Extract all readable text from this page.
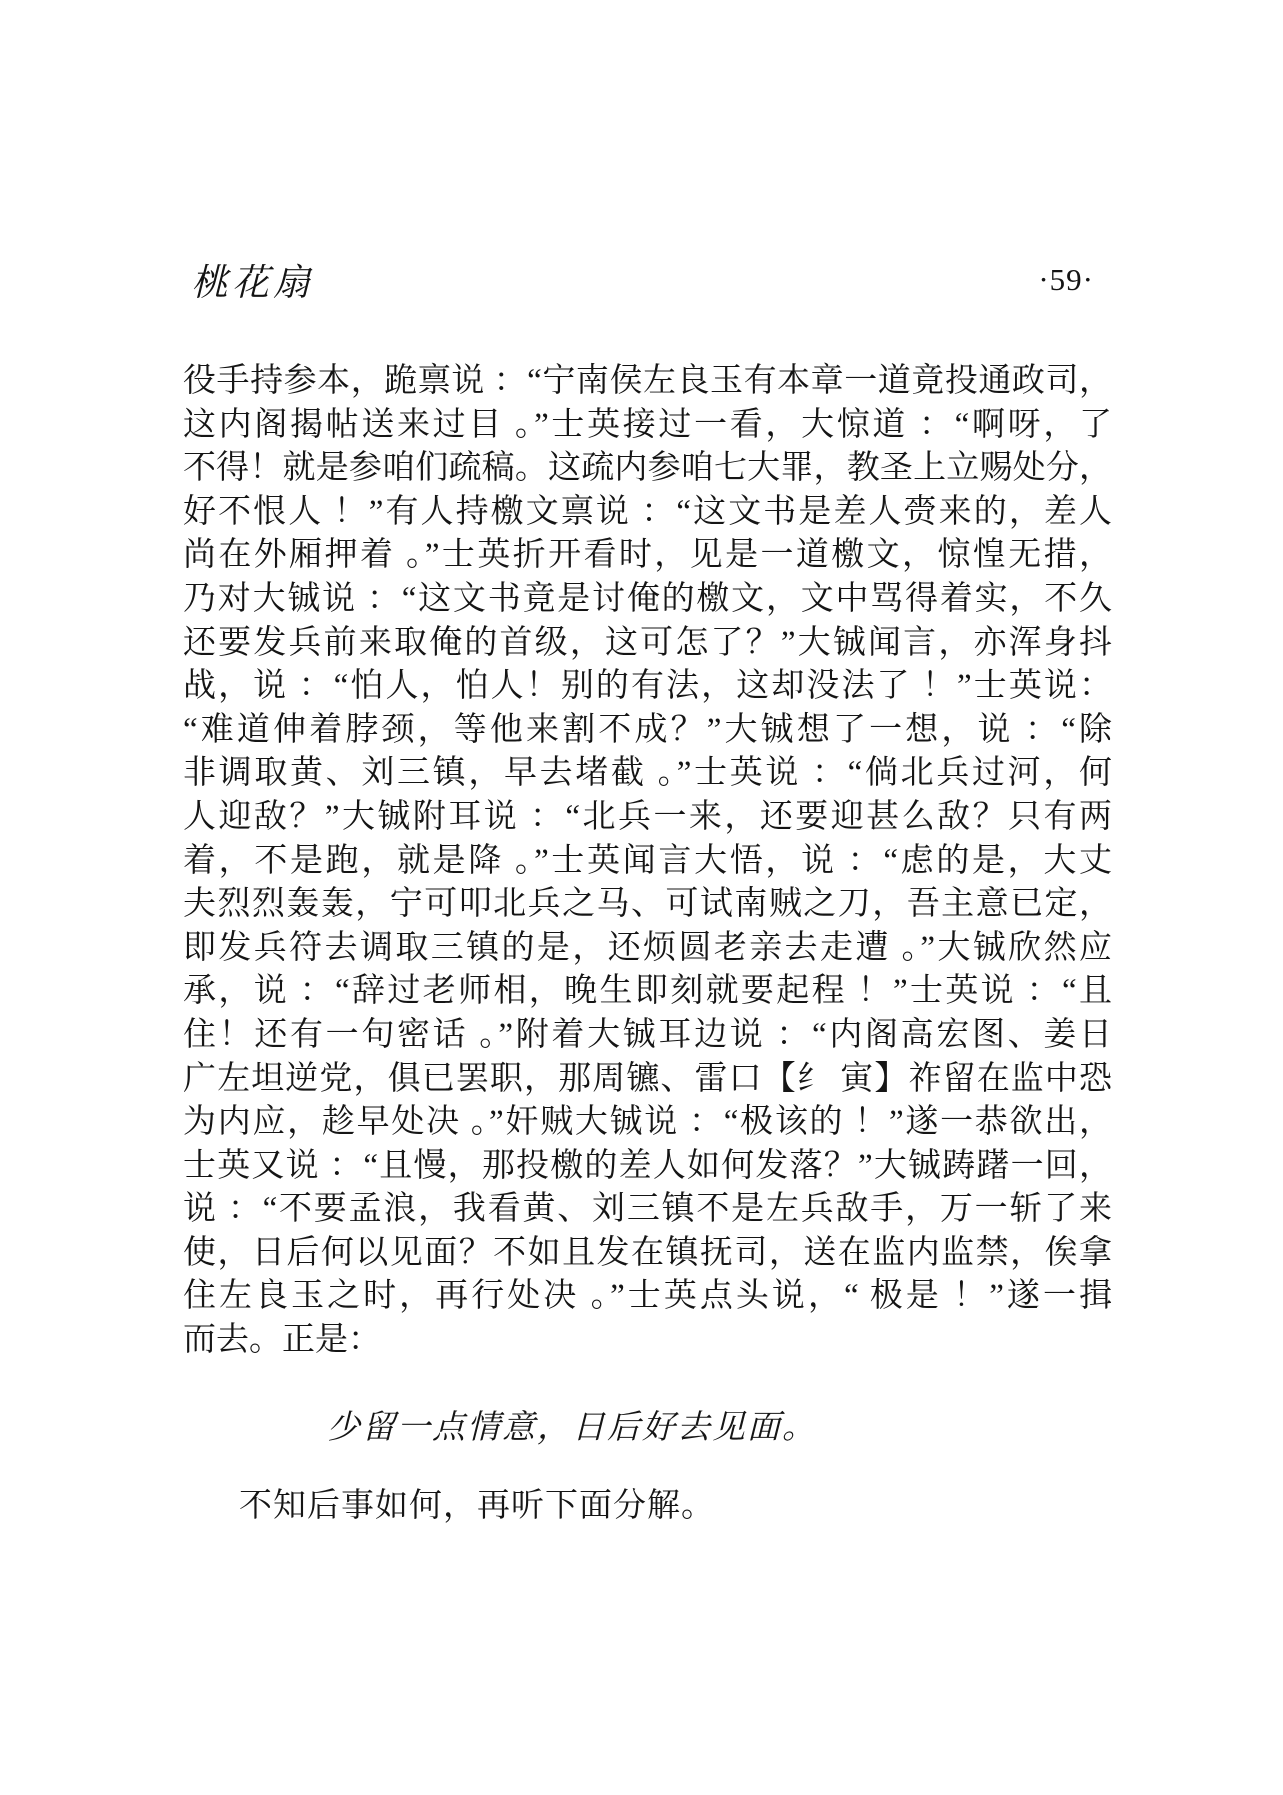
桃花扇	·59·
役手持参本，跪禀说 ：“宁南侯左良玉有本章一道竟投通政司，
这内阁揭帖送来过目 。”士英接过一看，大惊道 ：“啊呀，了
不得！就是参咱们疏稿。这疏内参咱七大罪，教圣上立赐处分，
好不恨人 ！”有人持檄文禀说 ：“这文书是差人赍来的，差人
尚在外厢押着 。”士英折开看时，见是一道檄文，惊惶无措，
乃对大铖说 ：“这文书竟是讨俺的檄文，文中骂得着实，不久
还要发兵前来取俺的首级，这可怎了？”大铖闻言，亦浑身抖
战，说 ：“怕人，怕人！别的有法，这却没法了 ！”士英说：
“难道伸着脖颈，等他来割不成？”大铖想了一想，说 ：“除
非调取黄、刘三镇，早去堵截 。”士英说 ：“倘北兵过河，何
人迎敌？”大铖附耳说 ：“北兵一来，还要迎甚么敌？只有两
着，不是跑，就是降 。”士英闻言大悟，说 ：“虑的是，大丈
夫烈烈轰轰，宁可叩北兵之马、可试南贼之刀，吾主意已定，
即发兵符去调取三镇的是，还烦圆老亲去走遭 。”大铖欣然应
承，说 ：“辞过老师相，晚生即刻就要起程 ！”士英说 ：“且
住！还有一句密话 。”附着大铖耳边说 ：“内阁高宏图、姜日
广左坦逆党，俱已罢职，那周镳、雷口【纟 寅】祚留在监中恐
为内应，趁早处决 。”奸贼大铖说 ：“极该的 ！”遂一恭欲出，
士英又说 ：“且慢，那投檄的差人如何发落？”大铖踌躇一回，
说 ：“不要孟浪，我看黄、刘三镇不是左兵敌手，万一斩了来
使，日后何以见面？不如且发在镇抚司，送在监内监禁，俟拿
住左良玉之时，再行处决 。”士英点头说，“ 极是 ！”遂一揖
而去。正是：
少留一点情意，日后好去见面。
不知后事如何，再听下面分解。
